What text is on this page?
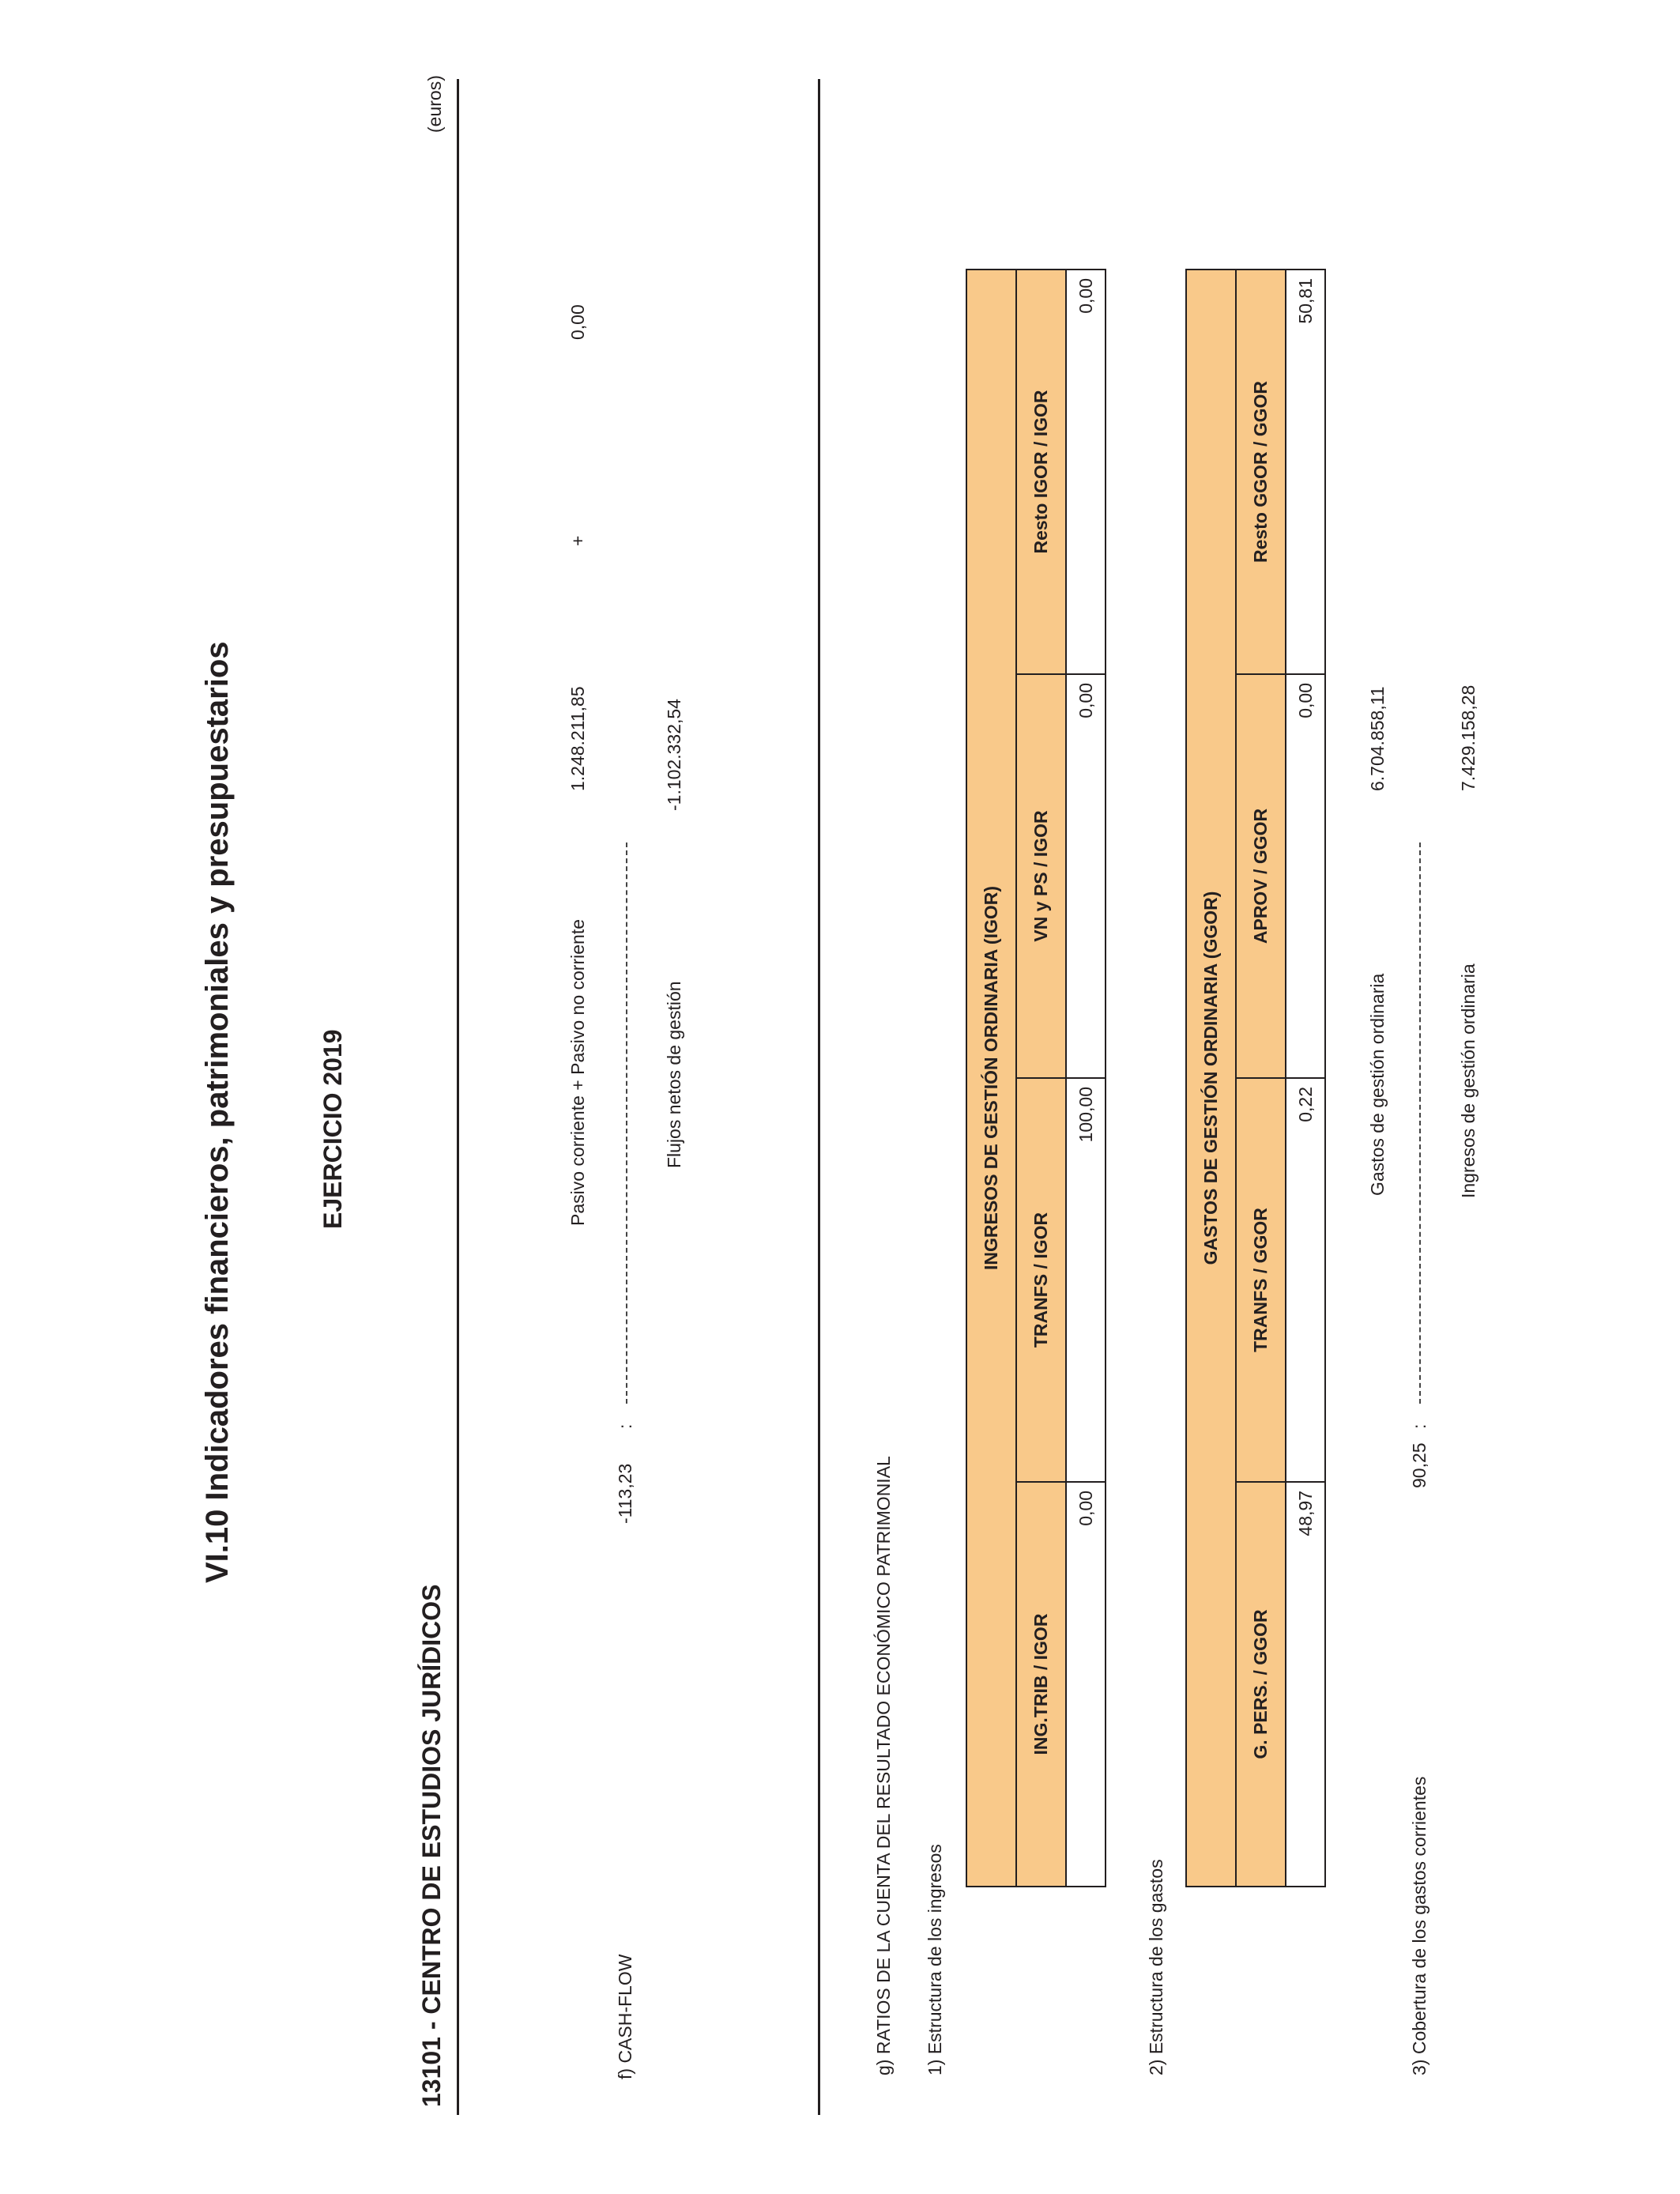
VI.10 Indicadores financieros, patrimoniales y presupuestarios	EJERCICIO 2019
13101 - CENTRO DE ESTUDIOS JURÍDICOS
(euros)
f) CASH-FLOW
-113,23
:
Pasivo corriente + Pasivo no corriente
1.248.211,85
+
0,00
Flujos netos de gestión
-1.102.332,54
g) RATIOS DE LA CUENTA DEL RESULTADO ECONÓMICO PATRIMONIAL 1) Estructura de los ingresos
INGRESOS DE GESTIÓN ORDINARIA (IGOR)			
ING.TRIB / IGOR	TRANFS / IGOR	VN y PS / IGOR	Resto IGOR / IGOR
0,00	100,00	0,00	0,00
2) Estructura de los gastos
GASTOS DE GESTIÓN ORDINARIA (GGOR)			
G. PERS. / GGOR	TRANFS / GGOR	APROV / GGOR	Resto GGOR / GGOR
48,97	0,22	0,00	50,81
3) Cobertura de los gastos corrientes
90,25
:
Gastos de gestión ordinaria
6.704.858,11
Ingresos de gestión ordinaria
7.429.158,28
